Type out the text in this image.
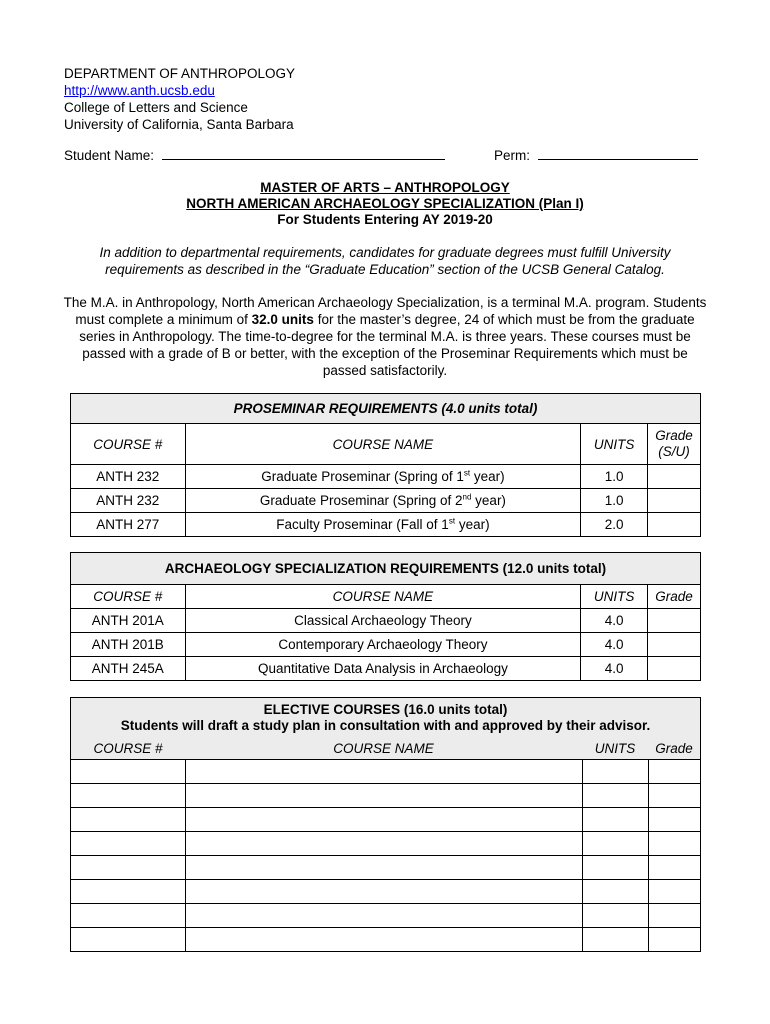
DEPARTMENT OF ANTHROPOLOGY
http://www.anth.ucsb.edu
College of Letters and Science
University of California, Santa Barbara
Student Name:	Perm:
MASTER OF ARTS – ANTHROPOLOGY
NORTH AMERICAN ARCHAEOLOGY SPECIALIZATION (Plan I)
For Students Entering AY 2019-20
In addition to departmental requirements, candidates for graduate degrees must fulfill University requirements as described in the “Graduate Education” section of the UCSB General Catalog.
The M.A. in Anthropology, North American Archaeology Specialization, is a terminal M.A. program. Students must complete a minimum of 32.0 units for the master’s degree, 24 of which must be from the graduate series in Anthropology. The time-to-degree for the terminal M.A. is three years. These courses must be passed with a grade of B or better, with the exception of the Proseminar Requirements which must be passed satisfactorily.
PROSEMINAR REQUIREMENTS (4.0 units total)			
COURSE #	COURSE NAME	UNITS	Grade
(S/U)

ANTH 232	Graduate Proseminar (Spring of 1st year)	1.0	
ANTH 232	Graduate Proseminar (Spring of 2nd year)	1.0	
ANTH 277	Faculty Proseminar (Fall of 1st year)	2.0	
ARCHAEOLOGY SPECIALIZATION REQUIREMENTS (12.0 units total)			
COURSE #	COURSE NAME	UNITS	Grade
ANTH 201A	Classical Archaeology Theory	4.0	
ANTH 201B	Contemporary Archaeology Theory	4.0	
ANTH 245A	Quantitative Data Analysis in Archaeology	4.0	
ELECTIVE COURSES (16.0 units total)
Students will draft a study plan in consultation with and approved by their advisor.			

COURSE #	COURSE NAME	UNITS	Grade
